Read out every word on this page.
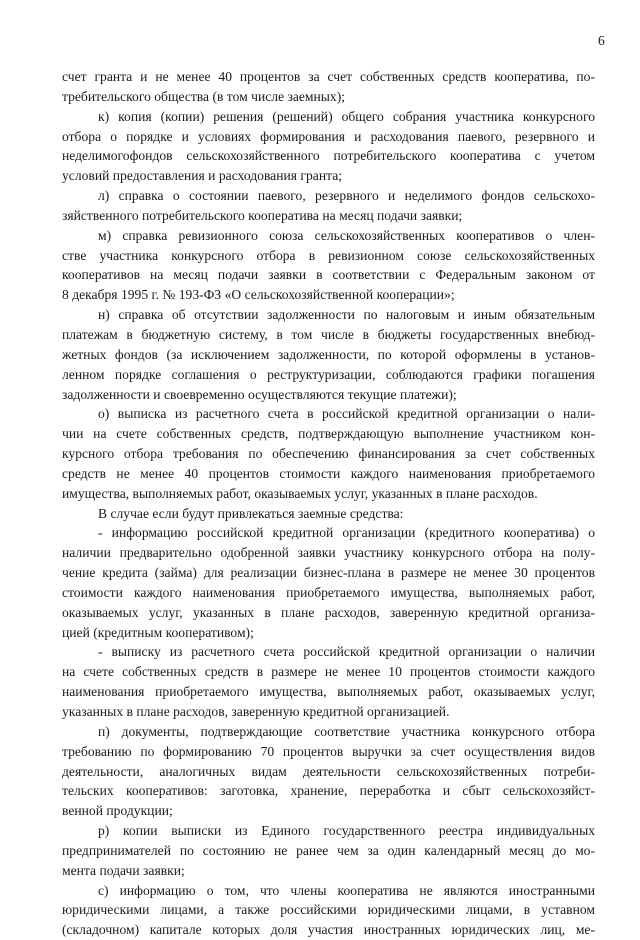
6
счет гранта и не менее 40 процентов за счет собственных средств кооператива, по-
требительского общества (в том числе заемных);
к) копия (копии) решения (решений) общего собрания участника конкурсного
отбора о порядке и условиях формирования и расходования паевого, резервного и
неделимогофондов сельскохозяйственного потребительского кооператива с учетом
условий предоставления и расходования гранта;
л) справка о состоянии паевого, резервного и неделимого фондов сельскохо-
зяйственного потребительского кооператива на месяц подачи заявки;
м) справка ревизионного союза сельскохозяйственных кооперативов о член-
стве участника конкурсного отбора в ревизионном союзе сельскохозяйственных
кооперативов на месяц подачи заявки в соответствии с Федеральным законом от
8 декабря 1995 г. № 193-ФЗ «О сельскохозяйственной кооперации»;
н) справка об отсутствии задолженности по налоговым и иным обязательным
платежам в бюджетную систему, в том числе в бюджеты государственных внебюд-
жетных фондов (за исключением задолженности, по которой оформлены в установ-
ленном порядке соглашения о реструктуризации, соблюдаются графики погашения
задолженности и своевременно осуществляются текущие платежи);
о) выписка из расчетного счета в российской кредитной организации о нали-
чии на счете собственных средств, подтверждающую выполнение участником кон-
курсного отбора требования по обеспечению финансирования за счет собственных
средств не менее 40 процентов стоимости каждого наименования приобретаемого
имущества, выполняемых работ, оказываемых услуг, указанных в плане расходов.
В случае если будут привлекаться заемные средства:
- информацию российской кредитной организации (кредитного кооператива) о
наличии предварительно одобренной заявки участнику конкурсного отбора на полу-
чение кредита (займа) для реализации бизнес-плана в размере не менее 30 процентов
стоимости каждого наименования приобретаемого имущества, выполняемых работ,
оказываемых услуг, указанных в плане расходов, заверенную кредитной организа-
цией (кредитным кооперативом);
- выписку из расчетного счета российской кредитной организации о наличии
на счете собственных средств в размере не менее 10 процентов стоимости каждого
наименования приобретаемого имущества, выполняемых работ, оказываемых услуг,
указанных в плане расходов, заверенную кредитной организацией.
п) документы, подтверждающие соответствие участника конкурсного отбора
требованию по формированию 70 процентов выручки за счет осуществления видов
деятельности, аналогичных видам деятельности сельскохозяйственных потреби-
тельских кооперативов: заготовка, хранение, переработка и сбыт сельскохозяйст-
венной продукции;
р) копии выписки из Единого государственного реестра индивидуальных
предпринимателей по состоянию не ранее чем за один календарный месяц до мо-
мента подачи заявки;
с) информацию о том, что члены кооператива не являются иностранными
юридическими лицами, а также российскими юридическими лицами, в уставном
(складочном) капитале которых доля участия иностранных юридических лиц, ме-
